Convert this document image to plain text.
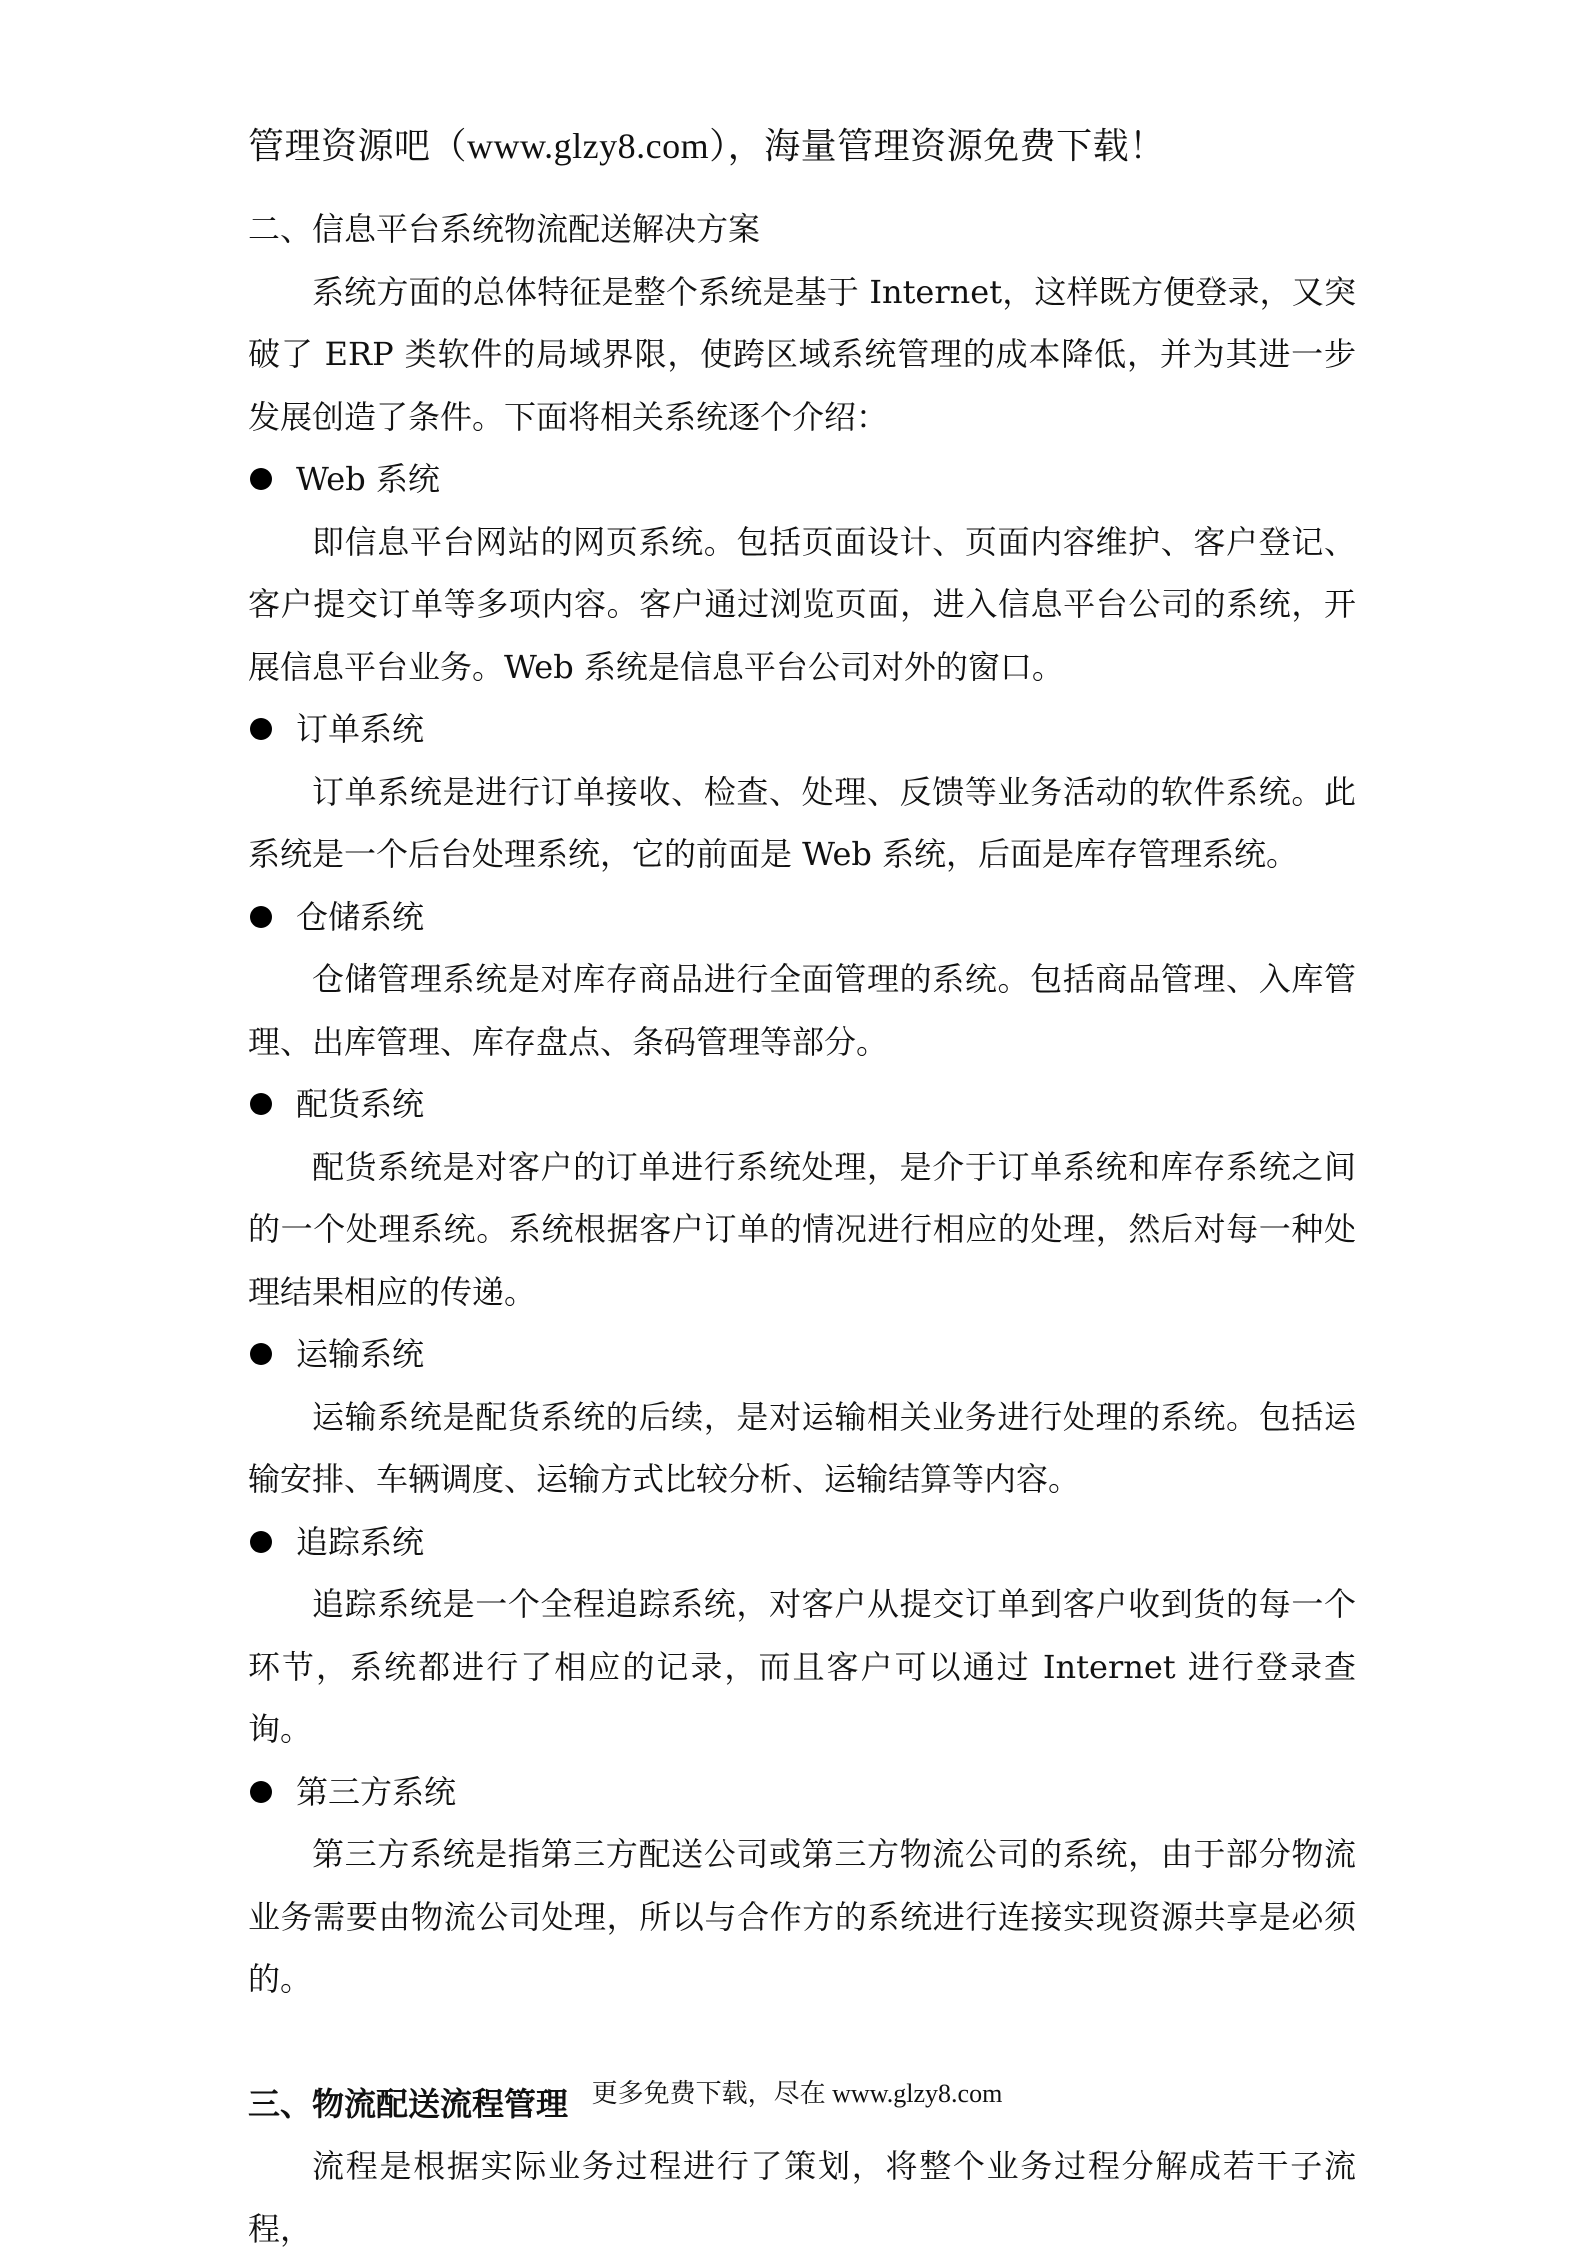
管理资源吧（www.glzy8.com），海量管理资源免费下载！
二、信息平台系统物流配送解决方案

系统方面的总体特征是整个系统是基于 Internet，这样既方便登录，又突破了 ERP 类软件的局域界限，使跨区域系统管理的成本降低，并为其进一步发展创造了条件。下面将相关系统逐个介绍：

Web 系统

即信息平台网站的网页系统。包括页面设计、页面内容维护、客户登记、客户提交订单等多项内容。客户通过浏览页面，进入信息平台公司的系统，开展信息平台业务。Web 系统是信息平台公司对外的窗口。

订单系统

订单系统是进行订单接收、检查、处理、反馈等业务活动的软件系统。此系统是一个后台处理系统，它的前面是 Web 系统，后面是库存管理系统。

仓储系统

仓储管理系统是对库存商品进行全面管理的系统。包括商品管理、入库管理、出库管理、库存盘点、条码管理等部分。

配货系统

配货系统是对客户的订单进行系统处理，是介于订单系统和库存系统之间的一个处理系统。系统根据客户订单的情况进行相应的处理，然后对每一种处理结果相应的传递。

运输系统

运输系统是配货系统的后续，是对运输相关业务进行处理的系统。包括运输安排、车辆调度、运输方式比较分析、运输结算等内容。

追踪系统

追踪系统是一个全程追踪系统，对客户从提交订单到客户收到货的每一个环节，系统都进行了相应的记录，而且客户可以通过 Internet 进行登录查询。

第三方系统

第三方系统是指第三方配送公司或第三方物流公司的系统，由于部分物流业务需要由物流公司处理，所以与合作方的系统进行连接实现资源共享是必须的。

三、物流配送流程管理

流程是根据实际业务过程进行了策划，将整个业务过程分解成若干子流程，

更多免费下载，尽在 www.glzy8.com
